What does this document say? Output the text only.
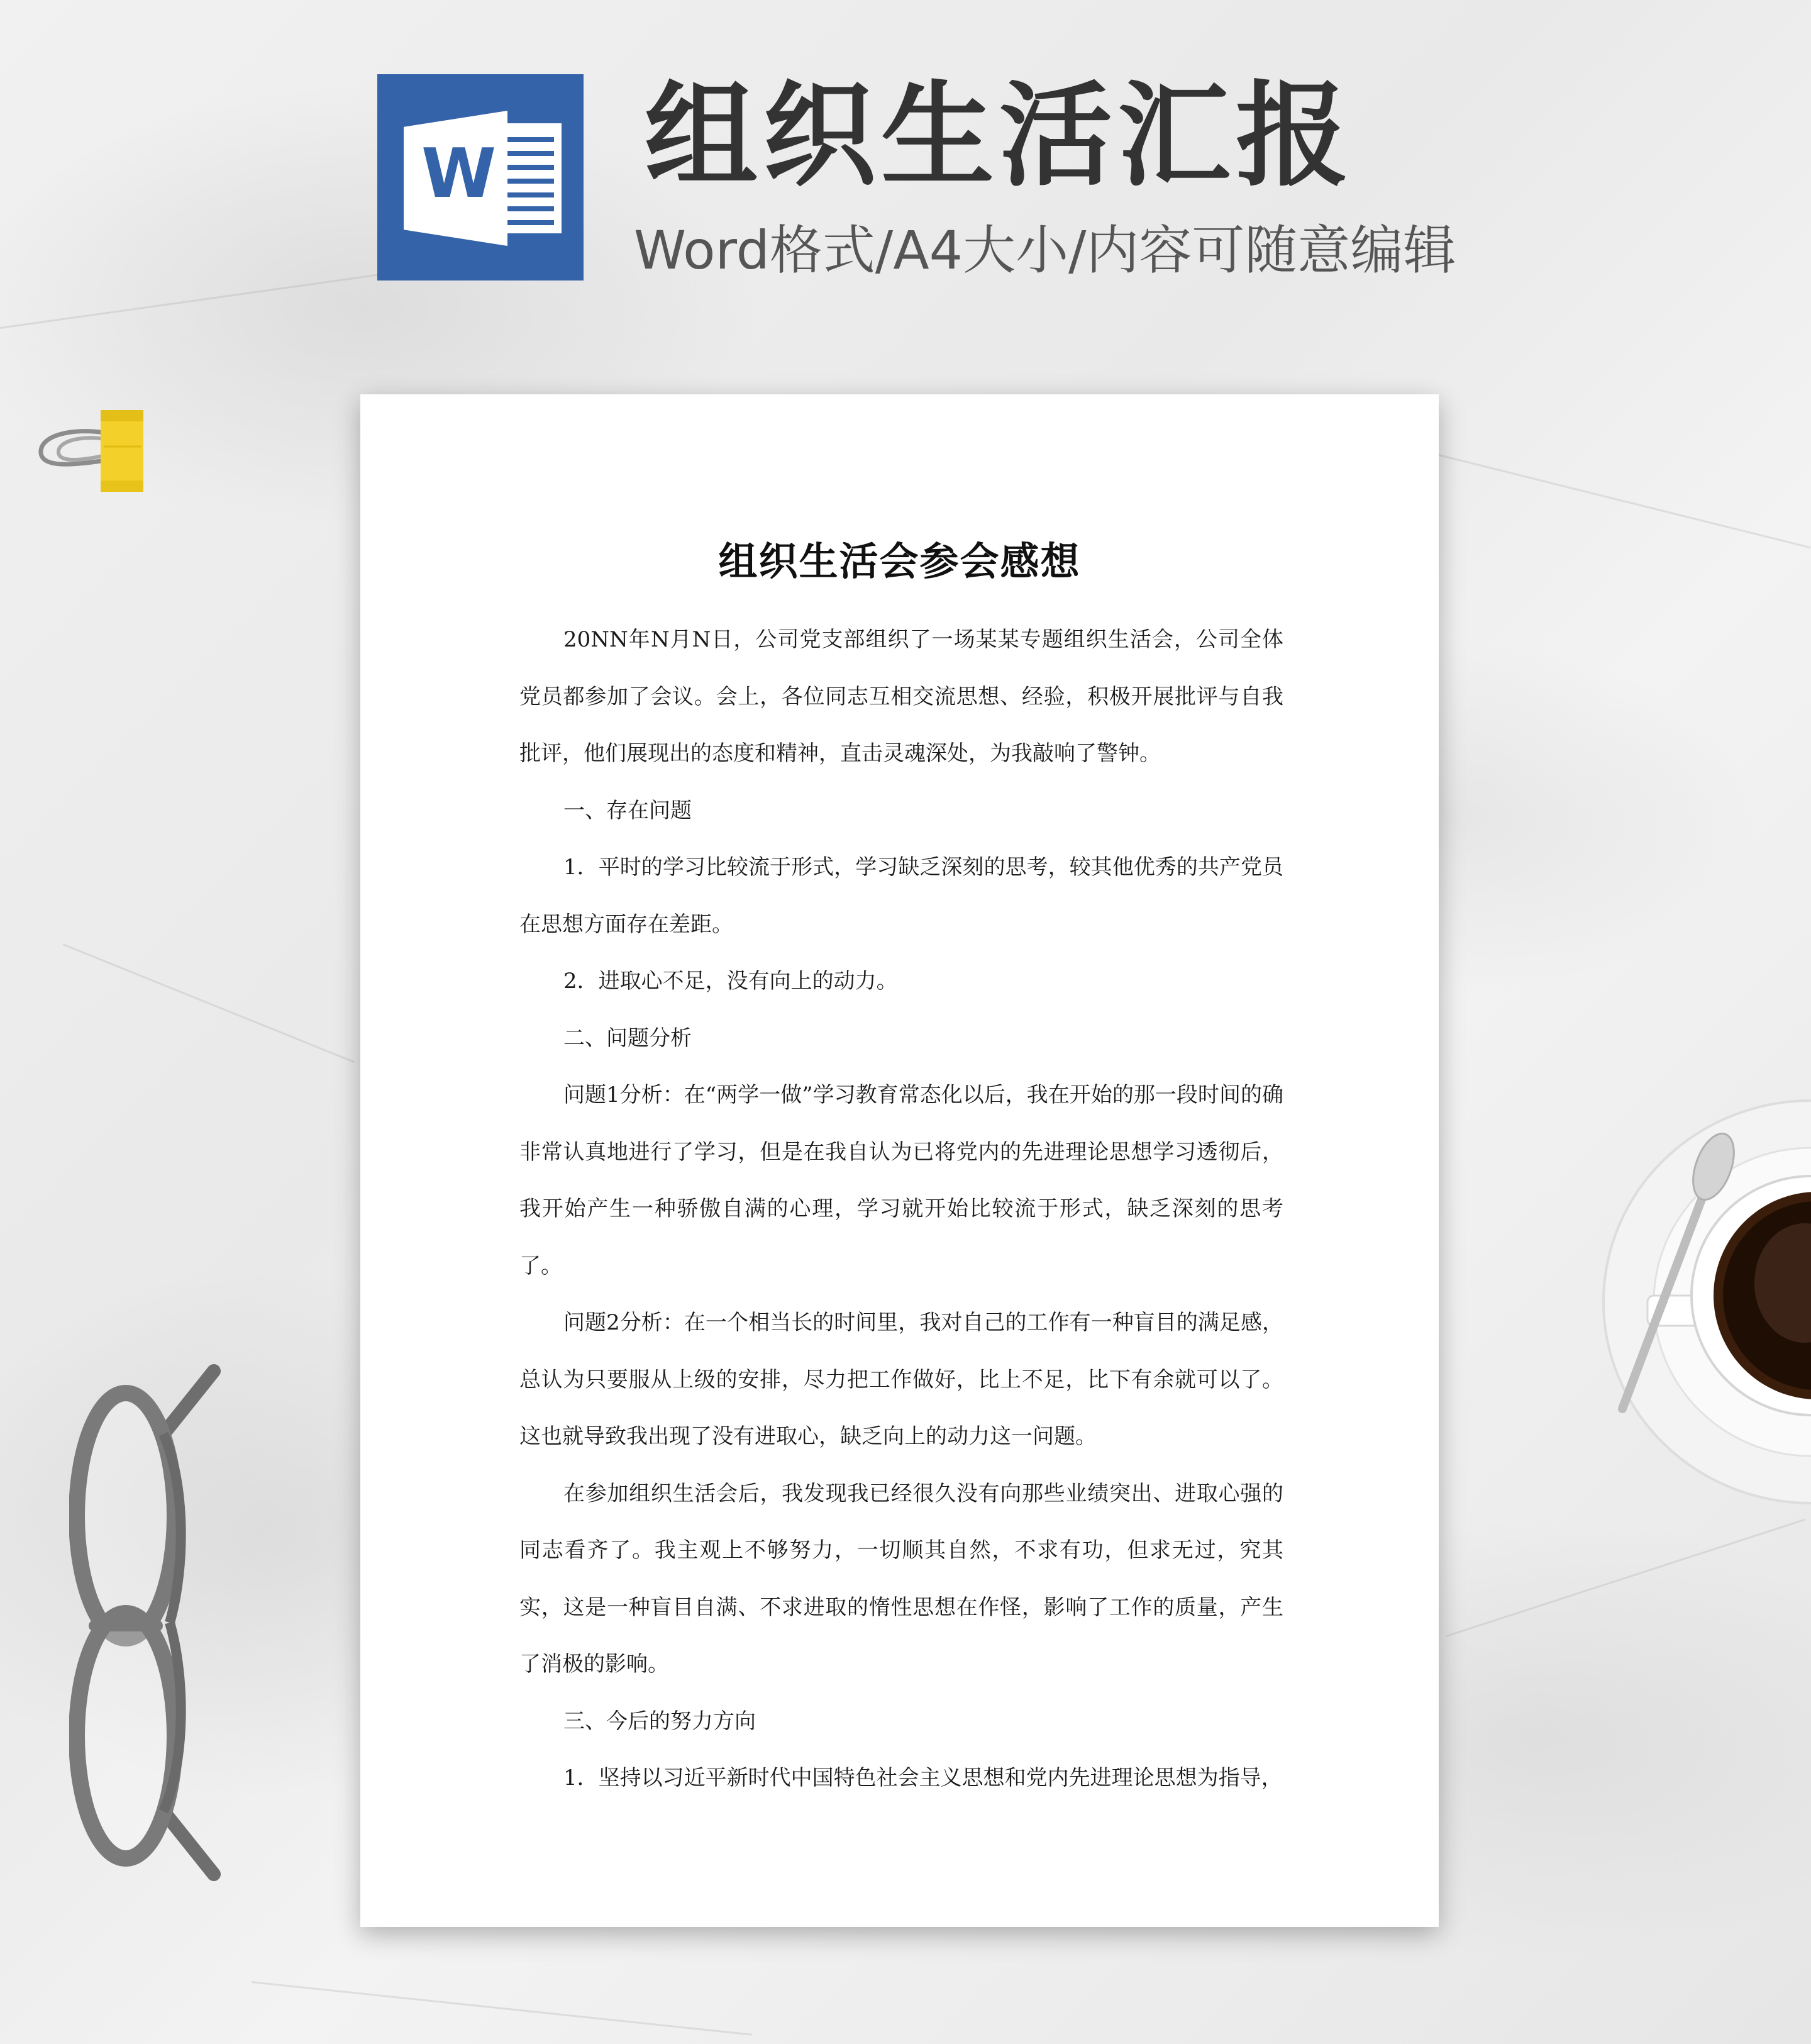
W 组织生活汇报
Word格式/A4大小/内容可随意编辑
组织生活会参会感想

20NN年N月N日，公司党支部组织了一场某某专题组织生活会，公司全体党员都参加了会议。会上，各位同志互相交流思想、经验，积极开展批评与自我批评，他们展现出的态度和精神，直击灵魂深处，为我敲响了警钟。

一、存在问题

1．平时的学习比较流于形式，学习缺乏深刻的思考，较其他优秀的共产党员在思想方面存在差距。

2．进取心不足，没有向上的动力。

二、问题分析

问题1分析：在“两学一做”学习教育常态化以后，我在开始的那一段时间的确非常认真地进行了学习，但是在我自认为已将党内的先进理论思想学习透彻后，我开始产生一种骄傲自满的心理，学习就开始比较流于形式，缺乏深刻的思考了。

问题2分析：在一个相当长的时间里，我对自己的工作有一种盲目的满足感，总认为只要服从上级的安排，尽力把工作做好，比上不足，比下有余就可以了。这也就导致我出现了没有进取心，缺乏向上的动力这一问题。

在参加组织生活会后，我发现我已经很久没有向那些业绩突出、进取心强的同志看齐了。我主观上不够努力，一切顺其自然，不求有功，但求无过，究其实，这是一种盲目自满、不求进取的惰性思想在作怪，影响了工作的质量，产生了消极的影响。

三、今后的努力方向

1．坚持以习近平新时代中国特色社会主义思想和党内先进理论思想为指导，
